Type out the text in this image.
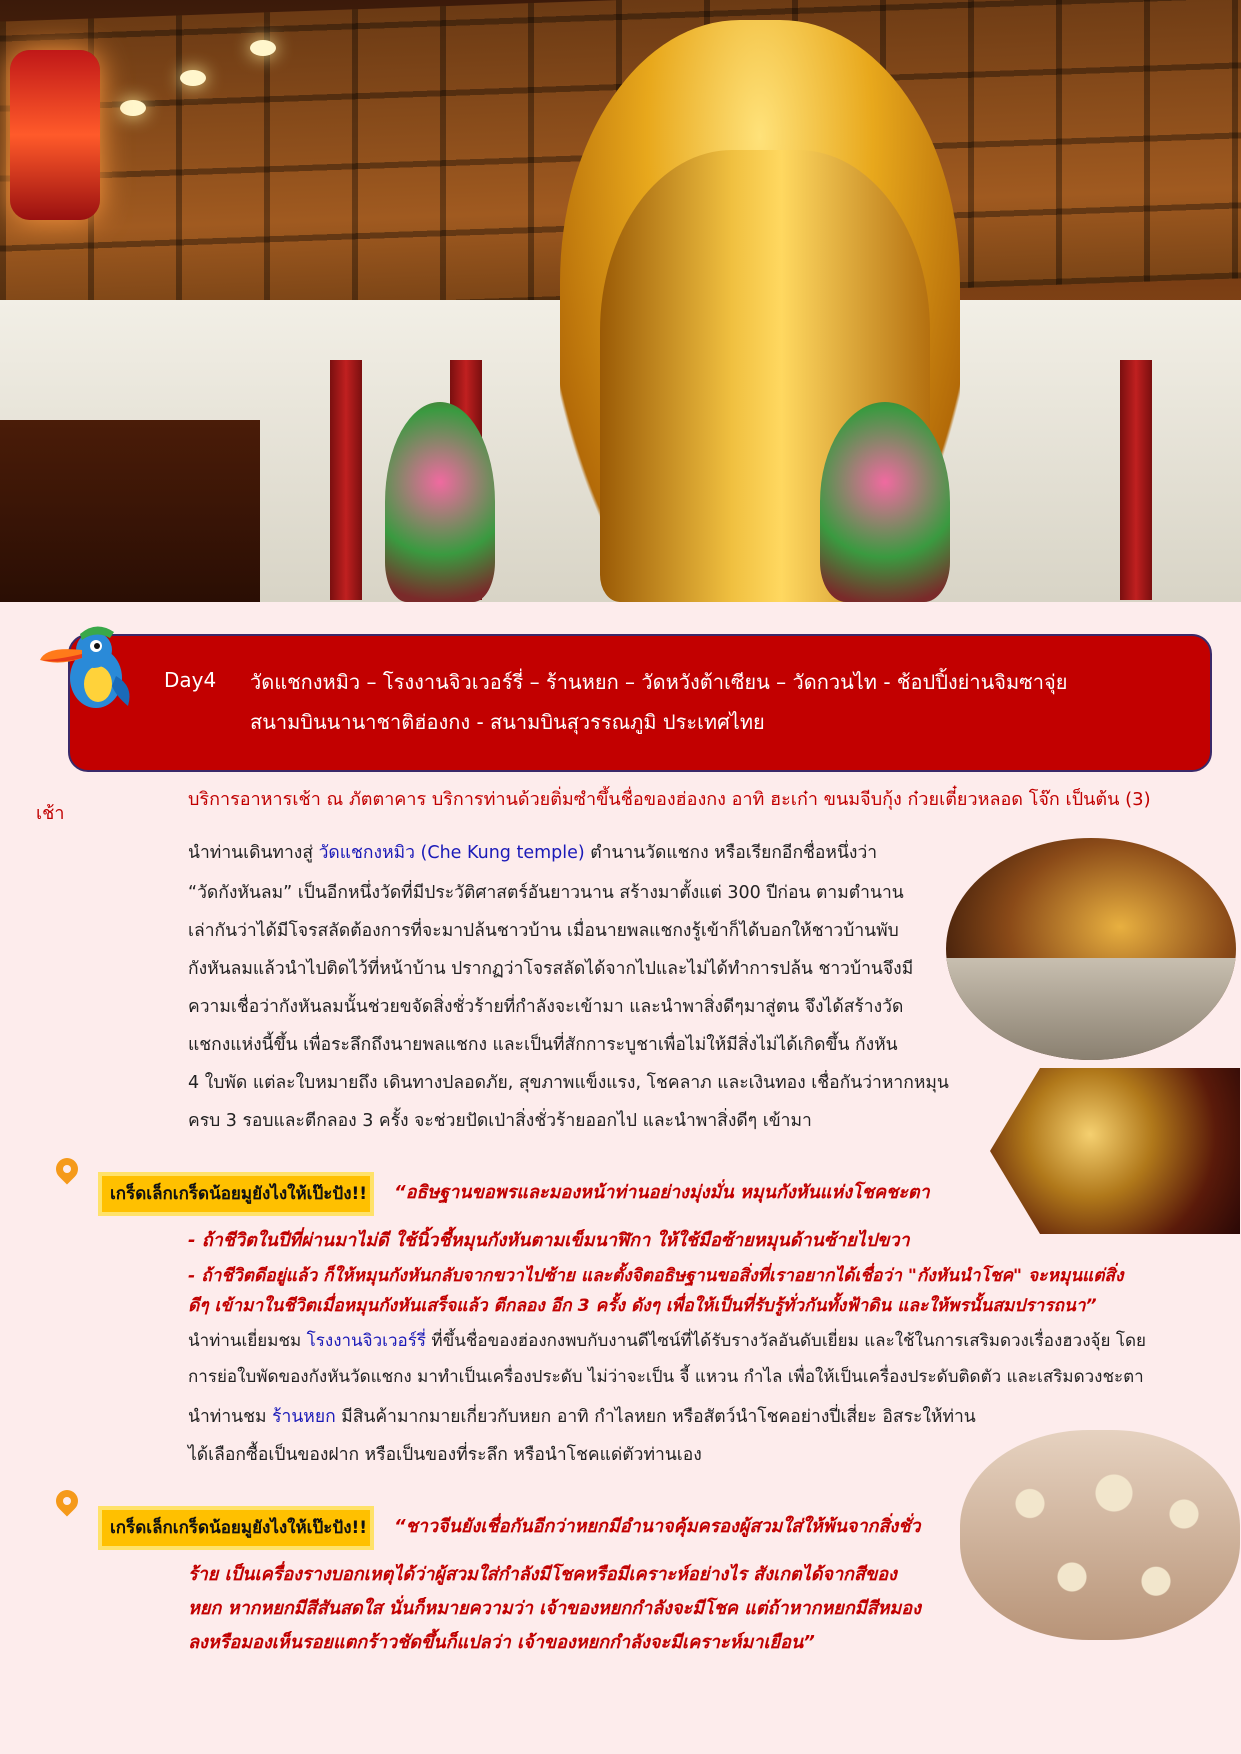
Day4 วัดแชกงหมิว – โรงงานจิวเวอร์รี่ – ร้านหยก – วัดหวังต้าเซียน – วัดกวนไท - ช้อปปิ้งย่านจิมซาจุ่ย
สนามบินนานาชาติฮ่องกง - สนามบินสุวรรณภูมิ ประเทศไทย
เช้า
บริการอาหารเช้า ณ ภัตตาคาร บริการท่านด้วยติ่มซำขึ้นชื่อของฮ่องกง อาทิ ฮะเก๋า ขนมจีบกุ้ง ก๋วยเตี๋ยวหลอด โจ๊ก เป็นต้น (3)
นำท่านเดินทางสู่ วัดแชกงหมิว (Che Kung temple) ตำนานวัดแชกง หรือเรียกอีกชื่อหนึ่งว่า
“วัดกังหันลม” เป็นอีกหนึ่งวัดที่มีประวัติศาสตร์อันยาวนาน สร้างมาตั้งแต่ 300 ปีก่อน ตามตำนาน
เล่ากันว่าได้มีโจรสลัดต้องการที่จะมาปล้นชาวบ้าน เมื่อนายพลแชกงรู้เข้าก็ได้บอกให้ชาวบ้านพับ
กังหันลมแล้วนำไปติดไว้ที่หน้าบ้าน ปรากฏว่าโจรสลัดได้จากไปและไม่ได้ทำการปล้น ชาวบ้านจึงมี
ความเชื่อว่ากังหันลมนั้นช่วยขจัดสิ่งชั่วร้ายที่กำลังจะเข้ามา และนำพาสิ่งดีๆมาสู่ตน จึงได้สร้างวัด
แชกงแห่งนี้ขึ้น เพื่อระลึกถึงนายพลแชกง และเป็นที่สักการะบูชาเพื่อไม่ให้มีสิ่งไม่ได้เกิดขึ้น กังหัน
4 ใบพัด แต่ละใบหมายถึง เดินทางปลอดภัย, สุขภาพแข็งแรง, โชคลาภ และเงินทอง เชื่อกันว่าหากหมุน
ครบ 3 รอบและตีกลอง 3 ครั้ง จะช่วยปัดเป่าสิ่งชั่วร้ายออกไป และนำพาสิ่งดีๆ เข้ามา
เกร็ดเล็กเกร็ดน้อยมูยังไงให้เป๊ะปัง!!	“อธิษฐานขอพรและมองหน้าท่านอย่างมุ่งมั่น หมุนกังหันแห่งโชคชะตา
- ถ้าชีวิตในปีที่ผ่านมาไม่ดี ใช้นิ้วชี้หมุนกังหันตามเข็มนาฬิกา ให้ใช้มือซ้ายหมุนด้านซ้ายไปขวา
- ถ้าชีวิตดีอยู่แล้ว ก็ให้หมุนกังหันกลับจากขวาไปซ้าย และตั้งจิตอธิษฐานขอสิ่งที่เราอยากได้เชื่อว่า "กังหันนำโชค" จะหมุนแต่สิ่ง
ดีๆ เข้ามาในชีวิตเมื่อหมุนกังหันเสร็จแล้ว ตีกลอง อีก 3 ครั้ง ดังๆ เพื่อให้เป็นที่รับรู้ทั่วกันทั้งฟ้าดิน และให้พรนั้นสมปรารถนา”
นำท่านเยี่ยมชม โรงงานจิวเวอร์รี่ ที่ขึ้นชื่อของฮ่องกงพบกับงานดีไซน์ที่ได้รับรางวัลอันดับเยี่ยม และใช้ในการเสริมดวงเรื่องฮวงจุ้ย โดย
การย่อใบพัดของกังหันวัดแชกง มาทำเป็นเครื่องประดับ ไม่ว่าจะเป็น จี้ แหวน กำไล เพื่อให้เป็นเครื่องประดับติดตัว และเสริมดวงชะตา
นำท่านชม ร้านหยก มีสินค้ามากมายเกี่ยวกับหยก อาทิ กำไลหยก หรือสัตว์นำโชคอย่างปี่เสี่ยะ อิสระให้ท่าน
ได้เลือกซื้อเป็นของฝาก หรือเป็นของที่ระลึก หรือนำโชคแด่ตัวท่านเอง
เกร็ดเล็กเกร็ดน้อยมูยังไงให้เป๊ะปัง!!	“ชาวจีนยังเชื่อกันอีกว่าหยกมีอำนาจคุ้มครองผู้สวมใส่ให้พ้นจากสิ่งชั่ว
ร้าย เป็นเครื่องรางบอกเหตุได้ว่าผู้สวมใส่กำลังมีโชคหรือมีเคราะห์อย่างไร สังเกตได้จากสีของ
หยก หากหยกมีสีสันสดใส นั่นก็หมายความว่า เจ้าของหยกกำลังจะมีโชค แต่ถ้าหากหยกมีสีหมอง
ลงหรือมองเห็นรอยแตกร้าวชัดขึ้นก็แปลว่า เจ้าของหยกกำลังจะมีเคราะห์มาเยือน”
